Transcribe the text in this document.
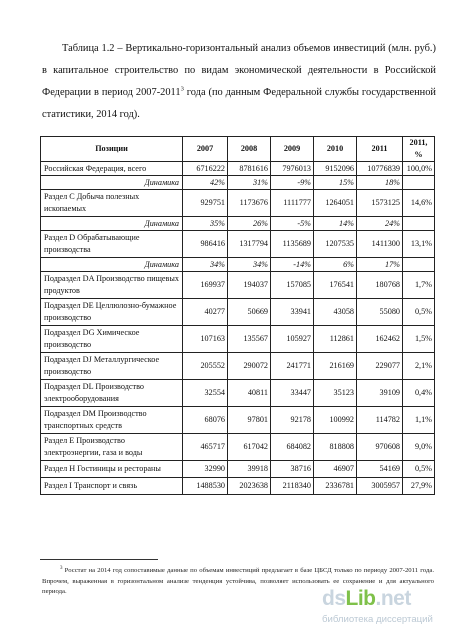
Таблица 1.2 – Вертикально-горизонтальный анализ объемов инвестиций (млн. руб.) в капитальное строительство по видам экономической деятельности в Российской Федерации в период 2007-2011$^3$ года (по данным Федеральной службы государственной статистики, 2014 год).
Позиции	2007	2008	2009	2010	2011	2011, %
Российская Федерация, всего	6716222	8781616	7976013	9152096	10776839	100,0%
Динамика	42%	31%	-9%	15%	18%	
Раздел С Добыча полезных ископаемых	929751	1173676	1111777	1264051	1573125	14,6%
Динамика	35%	26%	-5%	14%	24%	
Раздел D Обрабатывающие производства	986416	1317794	1135689	1207535	1411300	13,1%
Динамика	34%	34%	-14%	6%	17%	
Подраздел DA Производство пищевых продуктов	169937	194037	157085	176541	180768	1,7%
Подраздел DE Целлюлозно-бумажное производство	40277	50669	33941	43058	55080	0,5%
Подраздел DG Химическое производство	107163	135567	105927	112861	162462	1,5%
Подраздел DJ Металлургическое производство	205552	290072	241771	216169	229077	2,1%
Подраздел DL Производство электрооборудования	32554	40811	33447	35123	39109	0,4%
Подраздел DM Производство транспортных средств	68076	97801	92178	100992	114782	1,1%
Раздел Е Производство электроэнергии, газа и воды	465717	617042	684082	818808	970608	9,0%
Раздел Н Гостиницы и рестораны	32990	39918	38716	46907	54169	0,5%
Раздел I Транспорт и связь	1488530	2023638	2118340	2336781	3005957	27,9%
$^3$ Росстат на 2014 год сопоставимые данные по объемам инвестиций предлагает в базе ЦБСД только по периоду 2007-2011 года. Впрочем, выраженная в горизонтальном анализе тенденция устойчива, позволяет использовать ее сохранение и для актуального периода.	dsLib.net
библиотека диссертаций
